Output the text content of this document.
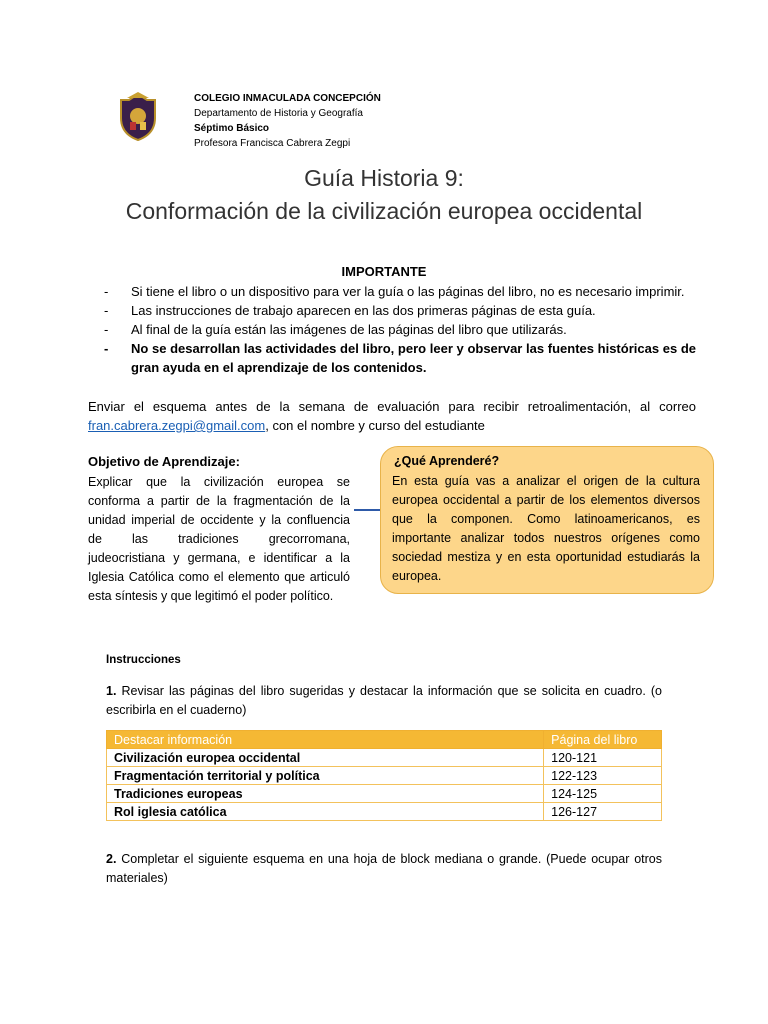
COLEGIO INMACULADA CONCEPCIÓN
Departamento de Historia y Geografía
Séptimo Básico
Profesora Francisca Cabrera Zegpi
Guía Historia 9:
Conformación de la civilización europea occidental
IMPORTANTE
- Si tiene el libro o un dispositivo para ver la guía o las páginas del libro, no es necesario imprimir.
- Las instrucciones de trabajo aparecen en las dos primeras páginas de esta guía.
- Al final de la guía están las imágenes de las páginas del libro que utilizarás.
- No se desarrollan las actividades del libro, pero leer y observar las fuentes históricas es de gran ayuda en el aprendizaje de los contenidos.
Enviar el esquema antes de la semana de evaluación para recibir retroalimentación, al correo fran.cabrera.zegpi@gmail.com, con el nombre y curso del estudiante
Objetivo de Aprendizaje:
Explicar que la civilización europea se conforma a partir de la fragmentación de la unidad imperial de occidente y la confluencia de las tradiciones grecorromana, judeocristiana y germana, e identificar a la Iglesia Católica como el elemento que articuló esta síntesis y que legitimó el poder político.
¿Qué Aprenderé?
En esta guía vas a analizar el origen de la cultura europea occidental a partir de los elementos diversos que la componen. Como latinoamericanos, es importante analizar todos nuestros orígenes como sociedad mestiza y en esta oportunidad estudiarás la europea.
Instrucciones
1. Revisar las páginas del libro sugeridas y destacar la información que se solicita en cuadro. (o escribirla en el cuaderno)
Destacar información	Página del libro
Civilización europea occidental	120-121
Fragmentación territorial y política	122-123
Tradiciones europeas	124-125
Rol iglesia católica	126-127
2. Completar el siguiente esquema en una hoja de block mediana o grande. (Puede ocupar otros materiales)
